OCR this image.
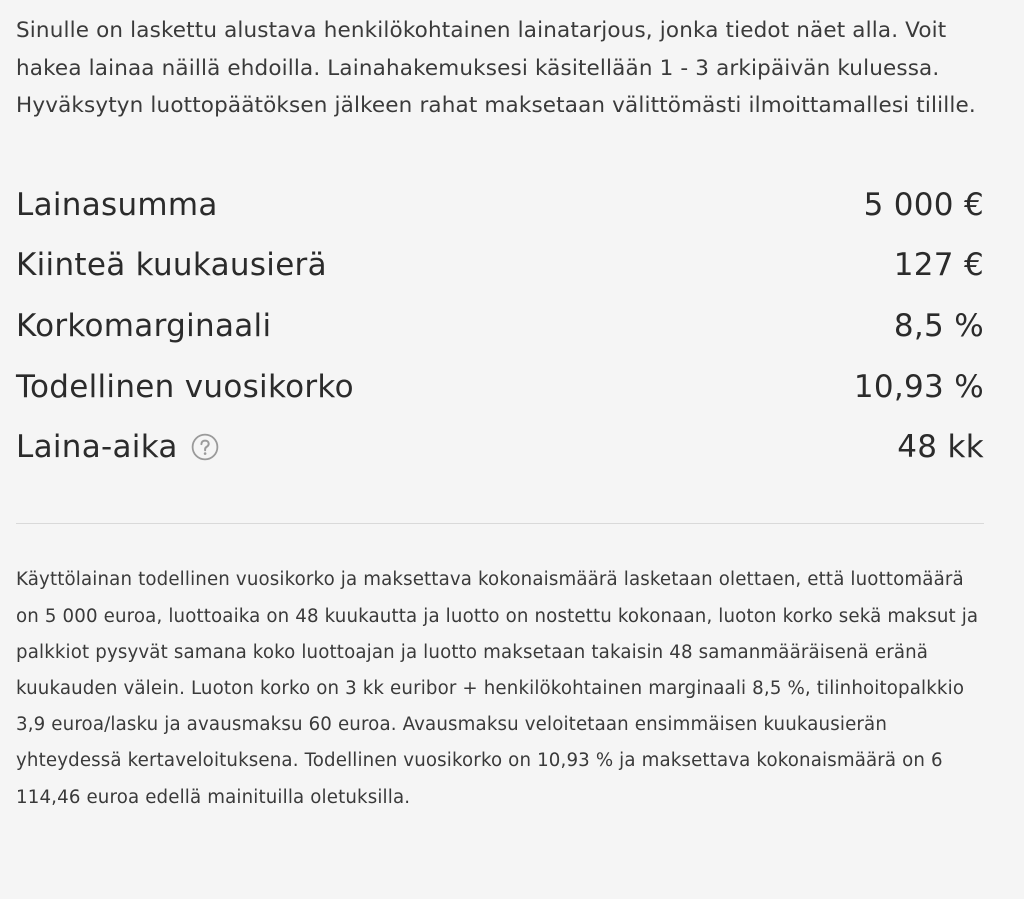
Sinulle on laskettu alustava henkilökohtainen lainatarjous, jonka tiedot näet alla. Voit hakea lainaa näillä ehdoilla. Lainahakemuksesi käsitellään 1 - 3 arkipäivän kuluessa. Hyväksytyn luottopäätöksen jälkeen rahat maksetaan välittömästi ilmoittamallesi tilille.

Lainasumma	5 000 €
Kiinteä kuukausierä	127 €
Korkomarginaali	8,5 %
Todellinen vuosikorko	10,93 %
Laina-aika	48 kk

Käyttölainan todellinen vuosikorko ja maksettava kokonaismäärä lasketaan olettaen, että luottomäärä on 5 000 euroa, luottoaika on 48 kuukautta ja luotto on nostettu kokonaan, luoton korko sekä maksut ja palkkiot pysyvät samana koko luottoajan ja luotto maksetaan takaisin 48 samanmääräisenä eränä kuukauden välein. Luoton korko on 3 kk euribor + henkilökohtainen marginaali 8,5 %, tilinhoitopalkkio 3,9 euroa/lasku ja avausmaksu 60 euroa. Avausmaksu veloitetaan ensimmäisen kuukausierän yhteydessä kertaveloituksena. Todellinen vuosikorko on 10,93 % ja maksettava kokonaismäärä on 6 114,46 euroa edellä mainituilla oletuksilla.
